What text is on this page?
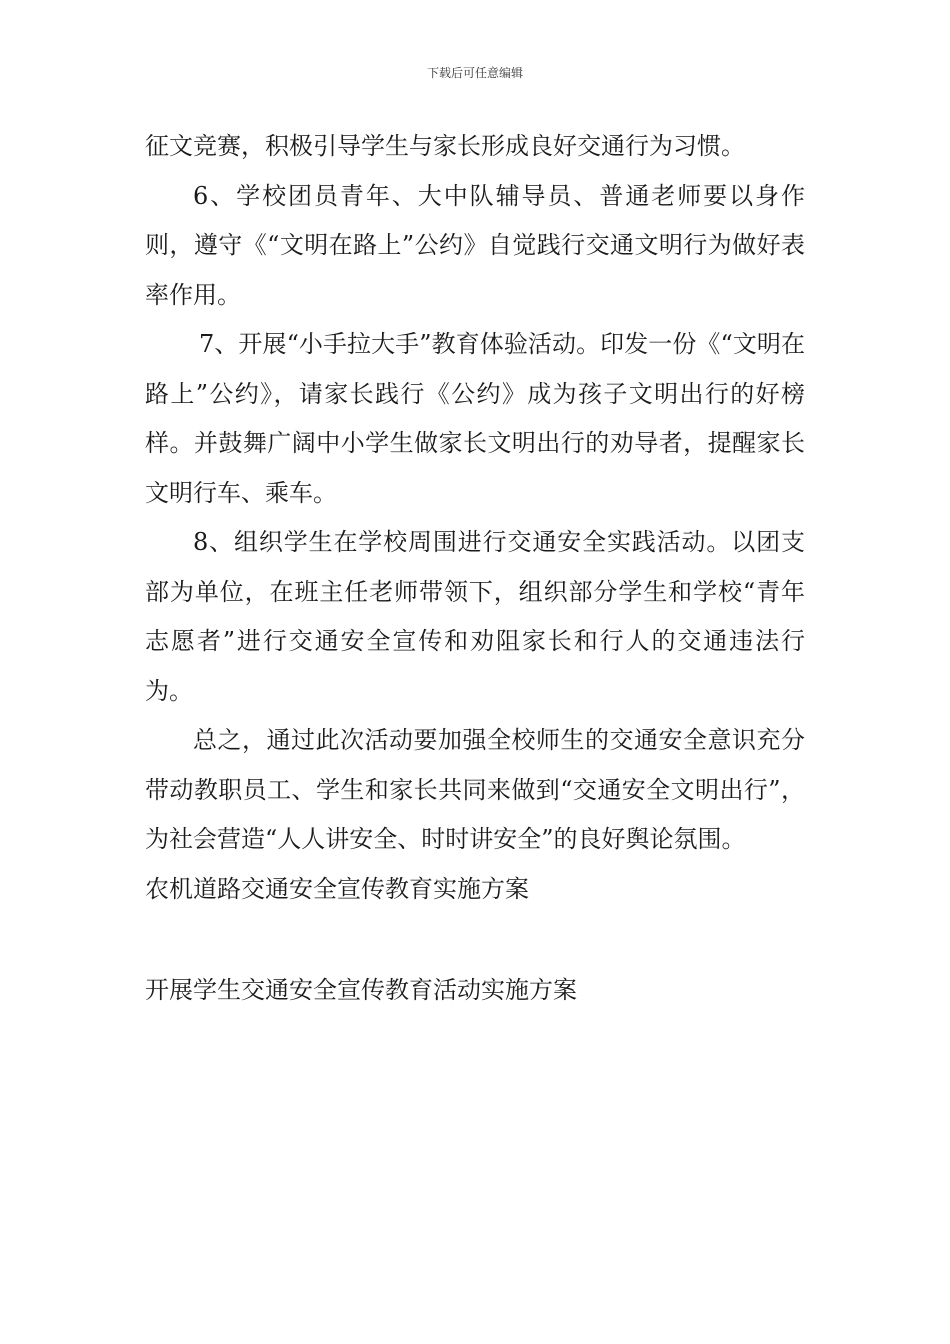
下载后可任意编辑

征文竞赛，积极引导学生与家长形成良好交通行为习惯。

6、学校团员青年、大中队辅导员、普通老师要以身作则，遵守《“文明在路上”公约》自觉践行交通文明行为做好表率作用。

7、开展“小手拉大手”教育体验活动。印发一份《“文明在路上”公约》，请家长践行《公约》成为孩子文明出行的好榜样。并鼓舞广阔中小学生做家长文明出行的劝导者，提醒家长文明行车、乘车。

8、组织学生在学校周围进行交通安全实践活动。以团支部为单位，在班主任老师带领下，组织部分学生和学校“青年志愿者”进行交通安全宣传和劝阻家长和行人的交通违法行为。

总之，通过此次活动要加强全校师生的交通安全意识充分带动教职员工、学生和家长共同来做到“交通安全文明出行”，为社会营造“人人讲安全、时时讲安全”的良好舆论氛围。

农机道路交通安全宣传教育实施方案

开展学生交通安全宣传教育活动实施方案
